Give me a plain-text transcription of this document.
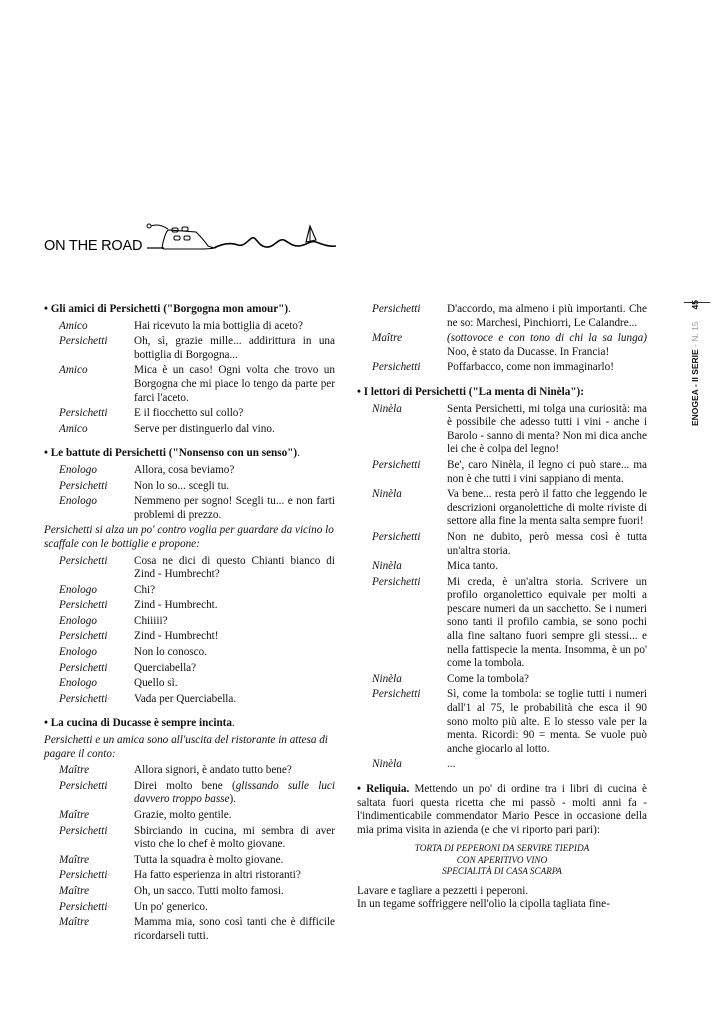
ON THE ROAD
ENOGEA - II SERIE - N. 1545
• Gli amici di Persichetti ("Borgogna mon amour").
Amico	Hai ricevuto la mia bottiglia di aceto?
Persichetti	Oh, sì, grazie mille... addirittura in una bottiglia di Borgogna...
Amico	Mica è un caso! Ogni volta che trovo un Borgogna che mi piace lo tengo da parte per farci l'aceto.
Persichetti	E il fiocchetto sul collo?
Amico	Serve per distinguerlo dal vino.
• Le battute di Persichetti ("Nonsenso con un senso").
Enologo	Allora, cosa beviamo?
Persichetti	Non lo so... scegli tu.
Enologo	Nemmeno per sogno! Scegli tu... e non farti problemi di prezzo.
Persichetti si alza un po' contro voglia per guardare da vicino lo scaffale con le bottiglie e propone:
Persichetti	Cosa ne dici di questo Chianti bianco di Zind - Humbrecht?
Enologo	Chi?
Persichetti	Zind - Humbrecht.
Enologo	Chiiiii?
Persichetti	Zind - Humbrecht!
Enologo	Non lo conosco.
Persichetti	Querciabella?
Enologo	Quello sì.
Persichetti	Vada per Querciabella.
• La cucina di Ducasse è sempre incinta.
Persichetti e un amica sono all'uscita del ristorante in attesa di pagare il conto:
Maître	Allora signori, è andato tutto bene?
Persichetti	Direi molto bene (glissando sulle luci davvero troppo basse).
Maître	Grazie, molto gentile.
Persichetti	Sbirciando in cucina, mi sembra di aver visto che lo chef è molto giovane.
Maître	Tutta la squadra è molto giovane.
Persichetti	Ha fatto esperienza in altri ristoranti?
Maître	Oh, un sacco. Tutti molto famosi.
Persichetti	Un po' generico.
Maître	Mamma mia, sono così tanti che è difficile ricordarseli tutti.
Persichetti	D'accordo, ma almeno i più importanti. Che ne so: Marchesi, Pinchiorri, Le Calandre...
Maître	(sottovoce e con tono di chi la sa lunga) Noo, è stato da Ducasse. In Francia!
Persichetti	Poffarbacco, come non immaginarlo!
• I lettori di Persichetti ("La menta di Ninèla"):
Ninèla	Senta Persichetti, mi tolga una curiosità: ma è possibile che adesso tutti i vini - anche i Barolo - sanno di menta? Non mi dica anche lei che è colpa del legno!
Persichetti	Be', caro Ninèla, il legno ci può stare... ma non è che tutti i vini sappiano di menta.
Ninèla	Va bene... resta però il fatto che leggendo le descrizioni organolettiche di molte riviste di settore alla fine la menta salta sempre fuori!
Persichetti	Non ne dubito, però messa così è tutta un'altra storia.
Ninèla	Mica tanto.
Persichetti	Mi creda, è un'altra storia. Scrivere un profilo organolettico equivale per molti a pescare numeri da un sacchetto. Se i numeri sono tanti il profilo cambia, se sono pochi alla fine saltano fuori sempre gli stessi... e nella fattispecie la menta. Insomma, è un po' come la tombola.
Ninèla	Come la tombola?
Persichetti	Sì, come la tombola: se toglie tutti i numeri dall'1 al 75, le probabilità che esca il 90 sono molto più alte. E lo stesso vale per la menta. Ricordi: 90 = menta. Se vuole può anche giocarlo al lotto.
Ninèla	...
• Reliquia. Mettendo un po' di ordine tra i libri di cucina è saltata fuori questa ricetta che mi passò - molti anni fa - l'indimenticabile commendator Mario Pesce in occasione della mia prima visita in azienda (e che vi riporto pari pari):
TORTA DI PEPERONI DA SERVIRE TIEPIDA
CON APERITIVO VINO
SPECIALITÀ DI CASA SCARPA
Lavare e tagliare a pezzetti i peperoni.
In un tegame soffriggere nell'olio la cipolla tagliata fine-
